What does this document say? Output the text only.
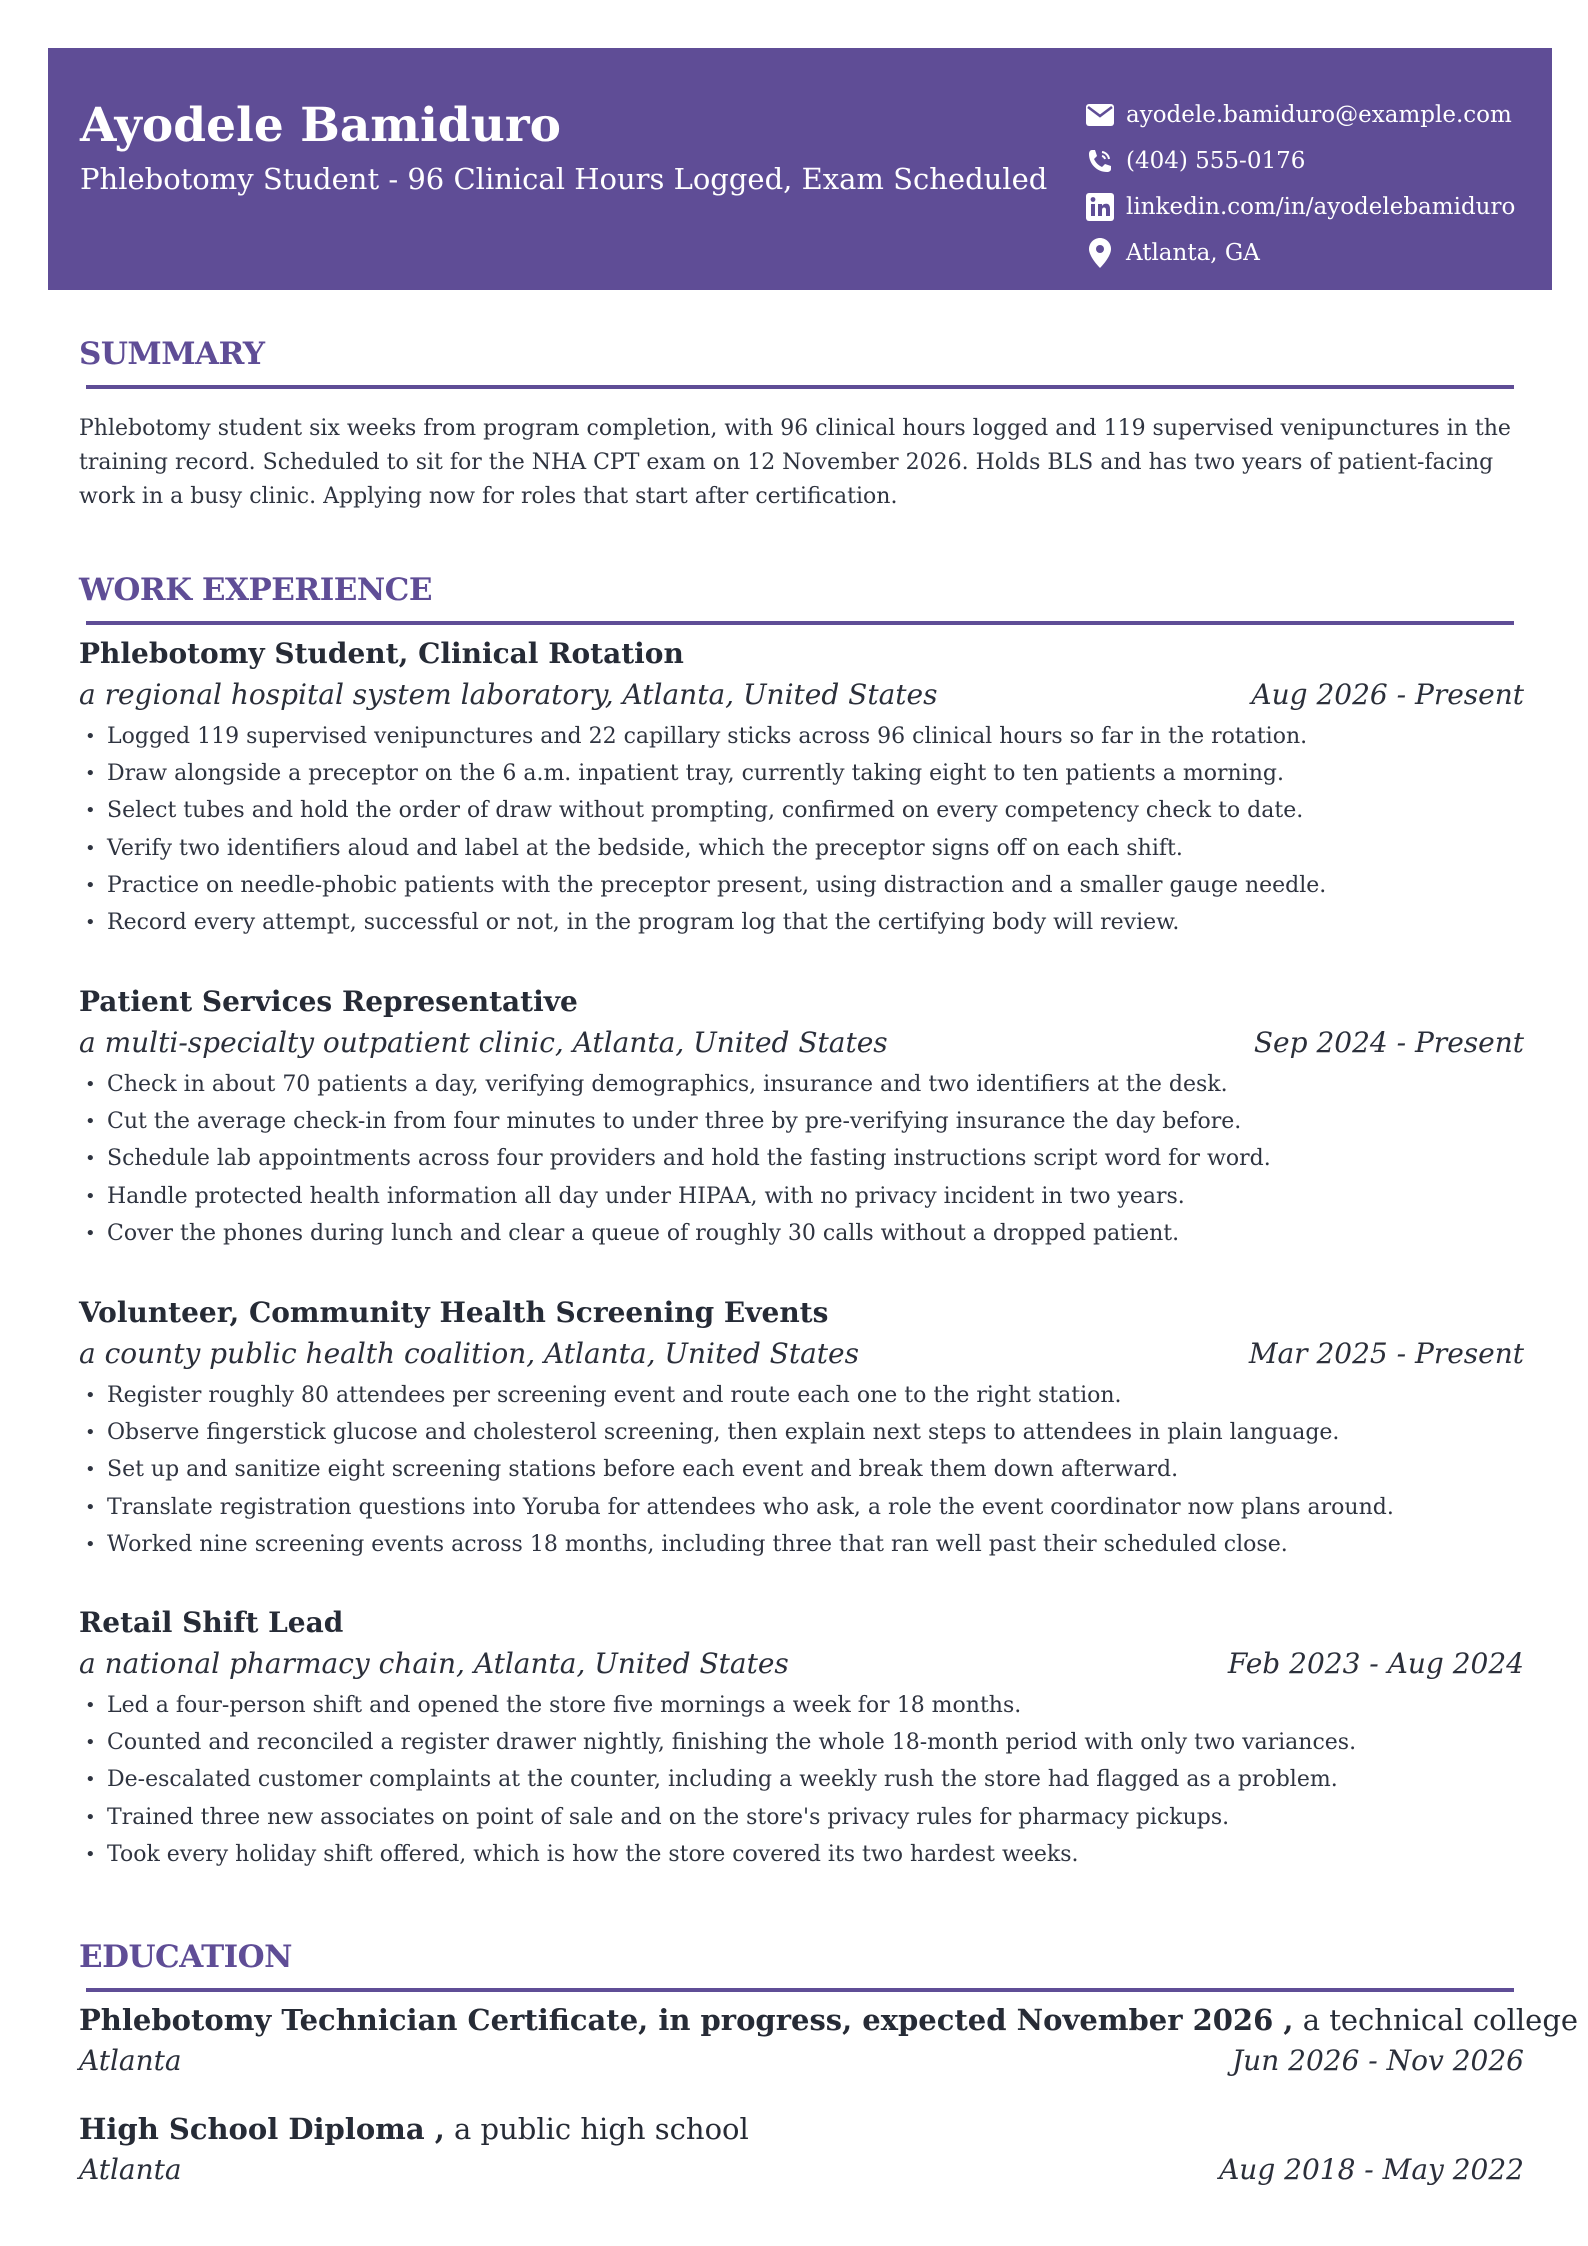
Ayodele Bamiduro
Phlebotomy Student - 96 Clinical Hours Logged, Exam Scheduled
ayodele.bamiduro@example.com
(404) 555-0176
linkedin.com/in/ayodelebamiduro
Atlanta, GA
SUMMARY
Phlebotomy student six weeks from program completion, with 96 clinical hours logged and 119 supervised venipunctures in the training record. Scheduled to sit for the NHA CPT exam on 12 November 2026. Holds BLS and has two years of patient-facing work in a busy clinic. Applying now for roles that start after certification.
WORK EXPERIENCE
Phlebotomy Student, Clinical Rotation
a regional hospital system laboratory, Atlanta, United States	Aug 2026 - Present
• Logged 119 supervised venipunctures and 22 capillary sticks across 96 clinical hours so far in the rotation.
• Draw alongside a preceptor on the 6 a.m. inpatient tray, currently taking eight to ten patients a morning.
• Select tubes and hold the order of draw without prompting, confirmed on every competency check to date.
• Verify two identifiers aloud and label at the bedside, which the preceptor signs off on each shift.
• Practice on needle-phobic patients with the preceptor present, using distraction and a smaller gauge needle.
• Record every attempt, successful or not, in the program log that the certifying body will review.
Patient Services Representative
a multi-specialty outpatient clinic, Atlanta, United States	Sep 2024 - Present
• Check in about 70 patients a day, verifying demographics, insurance and two identifiers at the desk.
• Cut the average check-in from four minutes to under three by pre-verifying insurance the day before.
• Schedule lab appointments across four providers and hold the fasting instructions script word for word.
• Handle protected health information all day under HIPAA, with no privacy incident in two years.
• Cover the phones during lunch and clear a queue of roughly 30 calls without a dropped patient.
Volunteer, Community Health Screening Events
a county public health coalition, Atlanta, United States	Mar 2025 - Present
• Register roughly 80 attendees per screening event and route each one to the right station.
• Observe fingerstick glucose and cholesterol screening, then explain next steps to attendees in plain language.
• Set up and sanitize eight screening stations before each event and break them down afterward.
• Translate registration questions into Yoruba for attendees who ask, a role the event coordinator now plans around.
• Worked nine screening events across 18 months, including three that ran well past their scheduled close.
Retail Shift Lead
a national pharmacy chain, Atlanta, United States	Feb 2023 - Aug 2024
• Led a four-person shift and opened the store five mornings a week for 18 months.
• Counted and reconciled a register drawer nightly, finishing the whole 18-month period with only two variances.
• De-escalated customer complaints at the counter, including a weekly rush the store had flagged as a problem.
• Trained three new associates on point of sale and on the store's privacy rules for pharmacy pickups.
• Took every holiday shift offered, which is how the store covered its two hardest weeks.
EDUCATION
Phlebotomy Technician Certificate, in progress, expected November 2026 , a technical college
Atlanta	Jun 2026 - Nov 2026
High School Diploma , a public high school
Atlanta	Aug 2018 - May 2022
